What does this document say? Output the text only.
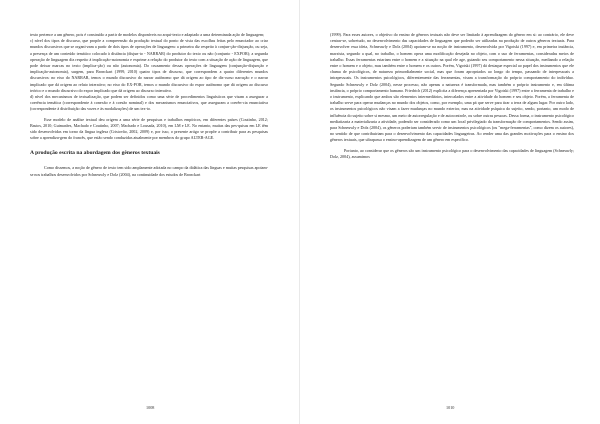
texto pertence a um gênero, pois é construído a partir de modelos disponíveis no arqui-texto e adaptado a uma determinada ação de linguagem;

c) nível dos tipos de discurso, que propõe a compreensão da produção textual do ponto de vista das escolhas feitas pelo enunciador ao criar mundos discursivos que se organi-zam a partir de dois tipos de operações de linguagem: a primeira diz respeito à conjun-ção-disjunção, ou seja, a presença de um conteúdo temático colocado à distância (disjun-to - NARRAR) do produtor do texto ou não (conjunto - EXPOR); a segunda operação de linguagem diz respeito à implicação-autonomia e exprime a relação do produtor do texto com a situação de ação de linguagem, que pode deixar marcas no texto (implica-ção) ou não (autonomia). Do cruzamento dessas operações de linguagem (conjunção-disjunção e implicação-autonomia), surgem, para Bronckart (1999, 2010) quatro tipos de discurso, que correspondem a quatro diferentes mundos discursivos: no eixo do NARRAR, temos o mundo discursivo do narrar autônomo que dá origem ao tipo de dis-curso narração e o narrar implicado que dá origem ao relato interativo; no eixo do EX-POR, temos o mundo discursivo do expor autônomo que dá origem ao discurso teórico e o mundo discursivo do expor implicado que dá origem ao discurso interativo.

d) nível dos mecanismos de textualização, que podem ser definidos como uma série de procedimentos linguísticos que visam a assegurar a coerência temática (correspondente à conexão e à coesão nominal) e dos mecanismos enunciativos, que asseguram a coerên-cia enunciativa (correspondente à distribuição das vozes e às modalizações) de um tex-to.

Esse modelo de análise textual deu origem a uma série de pesquisas e trabalhos empíricos, em diferentes países (Coutinho, 2012; Bastos, 2010; Guimarães, Machado e Coutinho, 2007; Machado e Lousada, 2010), em LM e LE. No entanto, muitas das pes-quisas em LE têm sido desenvolvidas em torno da língua inglesa (Cristovão, 2002, 2009) e, por isso, o presente artigo se propõe a contribuir para as pesquisas sobre a aprendiza-gem do francês, que estão sendo conduzidas atualmente por membros do grupo ALTER-AGE.

A produção escrita na abordagem dos gêneros textuais

Como dissemos, a noção de gênero de texto tem sido amplamente adotada no campo da didática das línguas e muitas pesquisas apoiam-se nos trabalhos desenvolvidos por Schneuwly e Dolz (2004), na continuidade dos estudos de Bronckart

1008

(1999). Para esses autores, o objetivo do ensino de gêneros textuais não deve ser limitado à aprendizagem do gênero em si: ao contrário, ele deve centrar-se, sobretudo, no desenvolvimento das capacidades de linguagem que poderão ser utilizadas na produção de outros gêneros textuais. Para desenvolver essa ideia, Schneuwly e Dolz (2004) apoiam-se na noção de instrumento, desenvolvida por Vigotski (1997) e, em primeira instância, marxista, segundo a qual, no trabalho, o homem opera uma modificação desejada no objeto, com o uso de ferramentas, consideradas meios de trabalho. Essas ferramentas estariam entre o homem e a situação na qual ele age, guiando seu comportamento nessa situação, mediando a relação entre o homem e o objeto, mas também entre o homem e os outros. Porém, Vigotski (1997) dá destaque especial ao papel dos instrumentos que ele chama de psicológicos, de natureza primordialmente social, mas que foram apropriados ao longo do tempo, passando de interpessoais a intrapessoais. Os instrumentos psicológicos, diferentemente das ferramentas, visam a transformação do próprio comportamento do indivíduo. Segundo Schneuwly e Dolz (2004), nesse processo, não apenas a natureza é transformada, mas também o próprio instrumento e, em última instância, o próprio comportamento humano. Friedrich (2012) explicita a diferença apresentada por Vigotski (1997) entre a ferramenta de trabalho e o instrumento, explicando que ambos são elementos intermediários, intercalados entre a atividade do homem e seu objeto. Porém, a ferramenta de trabalho serve para operar mudanças no mundo dos objetos, como, por exemplo, uma pá que serve para tirar a terra de algum lugar. Por outro lado, os instrumentos psicológicos não visam a fazer mudanças no mundo exterior, mas na atividade psíquica do sujeito, sendo, portanto, um modo de influência do sujeito sobre si mesmo, um meio de autorregulação e de autocontrole, ou sobre outras pessoas. Dessa forma, o instrumento psicológico mediatizaria a materializaria a atividade, podendo ser considerado como um local privilegiado da transformação de comportamentos. Sendo assim, para Schneuwly e Dolz (2004), os gêneros poderiam também servir de instrumentos psicológicos (ou "mega-ferramentas", como dizem os autores), no sentido de que contribuiriam para o desenvolvimento das capacidades linguageiras. Ao render uma das grandes motivações para o ensino dos gêneros textuais, que ultrapassa o ensino-aprendizagem de um gênero em específico.

Portanto, ao considerar que os gêneros são um instrumento psicológico para o desenvolvimento das capacidades de linguagem (Schneuwly; Dolz, 2004), assumimos

1010
